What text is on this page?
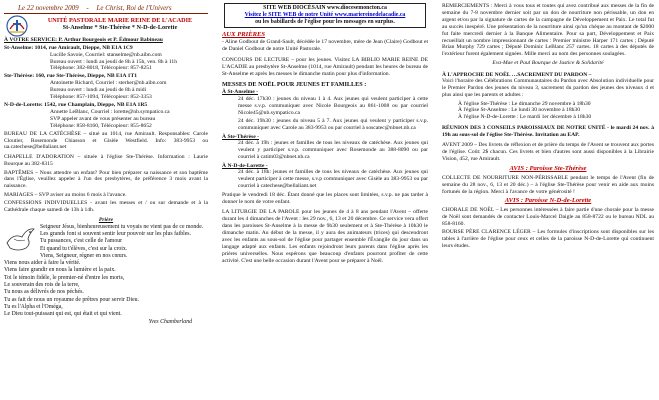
Le 22 novembre 2009 - Le Christ, Roi de l'Univers
UNITÉ PASTORALE MARIE REINE DE L'ACADIE
St-Anselme * Ste-Thérèse * N-D-de-Lorette
À VOTRE SERVICE: P. Arthur Bourgeois et P. Édmour Babineau
St-Anselme: 1014, rue Amirault, Dieppe, NB E1A 1C9
Lucille Savoie, Courriel: stanselme@nb.aibn.com
Bureau ouvert : lundi au jeudi de 8h à 15h, ven. 8h à 11h
Téléphone: 382-8018, Télécopieur: 857-8251
Ste-Thérèse: 160, rue Ste-Thérèse, Dieppe, NB E1A 1T1
Antoinette Richard, Courriel : sterher@nb.aibn.com
Bureau ouvert : lundi au jeudi de 8h à midi
Téléphone: 857-1094, Télécopieur: 852-3353
N-D-de-Lorette: 1542, rue Champlain, Dieppe, NB E1A 1R5
Annette LeBlanc, Courriel : lorette@nb.sympatico.ca
SVP appeler avant de vous présenter au bureau
Téléphone: 858-8160, Télécopieur: 855-8652
BUREAU DE LA CATÉCHÈSE – situé au 1014, rue Amirault. Responsables: Carole Cloutier, Rosemonde Chiasson et Gisèle Westfield. Info: 383-9953 ou ua.catechese@bellaliant.net
CHAPELLE D'ADORATION – située à l'église Ste-Thérèse. Information : Laurie Bourque au 382-8315
BAPTÊMES – Nous attendre un enfant? Pour bien préparer sa naissance et son baptême dans l'Église, veuillez appeler à l'un des presbytères, de préférence 3 mois avant la naissance.
MARIAGES – SVP aviser au moins 6 mois à l'avance.
CONFESSIONS INDIVIDUELLES - avant les messes et / ou sur demande et à la Cathédrale chaque samedi de 13h à 14h.
Prière
Seigneur Jésus, bienheureusement tu voyais ne vient pas de ce monde.
Les grands font si souvent sentir leur pouvoir sur les plus faibles.
Tu pussances, c'est celle de l'amour
Et quand tu t'élèves, c'est sur la croix.
Viens, Seigneur, régner en nos cœurs.
Viens nous aider à faire la vérité.
Viens faire grandir en nous la lumière et la paix.
Toi le témoin fidèle, le premier-né d'entre les morts,
Le souverain des rois de la terre,
Tu nous as délivrés de nos péchés.
Tu as fait de nous un royaume de prêtres pour servir Dieu.
Tu es l'Alpha et l'Oméga,
Le Dieu tout-puissant qui est, qui était et qui vient.
Yves Chamberland
SITE WEB DIOCÉSAIN www.diocesemoncton.ca
Visitez le SITE WEB de notre Unité www.mariereinedelacadie.ca
ou les babillards de l'église pour les messages en surplus.
AUX PRIÈRES
- Aline Godbout de Grand-Sault, décédée le 17 novembre, mère de Jean (Claire) Godbout et de Daniel Godbout de notre Unité Pastorale.
CONCOURS DE LECTURE – pour les jeunes. Visitez LA BIBLIO MARIE REINE DE L'ACADIE au presbytère St-Anselme (1014, rue Amirault) pendant les heures de bureau de St-Anselme et après les messes le dimanche matin pour plus d'information.
MESSES DE NOËL POUR JEUNES ET FAMILLES :
À St-Anselme -
24 déc. 17h30 : jeunes du niveau 1 à 4. Aux jeunes qui veulent participer à cette messe s.v.p. communiquer avec Nicole Bourgeois au 861-1008 ou par courriel Nicole45@nb.sympatico.ca
24 déc. 19h30 : jeunes du niveau 5 à 7. Aux jeunes qui veulent y participer s.v.p. communiquer avec Carole au 383-9953 ou par courriel à soscatec@nbnet.nb.ca
À Ste-Thérèse -
24 déc. à 19h : jeunes et familles de tous les niveaux de catéchèse. Aux jeunes qui veulent y participer s.v.p. communiquer avec Rosemonde au 388-8090 ou par courriel à catim03@nbnet.nb.ca
À N-D-de-Lorette -
24 déc. à 18h: jeunes et familles de tous les niveaux de catéchèse. Aux jeunes qui veulent participer à cette messe, s.v.p communiquer avec Gisèle au 383-9953 ou par courriel à catechese@bellaliant.net
Pratique le vendredi 18 déc. Étant donné que les places sont limitées, s.v.p. ne pas tarder à donner le nom de votre enfant.
LA LITURGIE DE LA PAROLE pour les jeunes de 4 à 8 ans pendant l'Avent – offerte durant les 4 dimanches de l'Avent : les 29 nov., 6, 13 et 20 décembre. Ce service vera offert dans les paroisses St-Anselme à la messe de 9h30 seulement et à Ste-Thérèse à 10h30 le dimanche matin. Au début de la messe, il y aura des animateurs (trices) qui descendront avec les enfants au sous-sol de l'église pour partager ensemble l'Évangile du jour dans un langage adapté aux enfants. Les enfants rejoindront leurs parents dans l'église après les prières universelles. Nous espérons que beaucoup d'enfants pourront profiter de cette activité. C'est une belle occasion durant l'Avent pour se préparer à Noël.
REMERCIEMENTS : Merci à vous tous et toutes qui avez contribué aux messes de la fin de semaine du 7-8 novembre dernier soit par un don de nourriture non périssable, un don en argent et/ou par la signature de cartes de la campagne de Développement et Paix. Le total fut au succès inespéré. Une présentation de la nourriture ainsi qu'un chèque au montant de $2000 fut faite mercredi dernier à la Banque Alimentaire. Pour sa part, Développement et Paix recueillait un nombre impressionnant de cartes : Premier ministre Harper 171 cartes ; Député Brian Murphy 729 cartes ; Député Dominic LeBlanc 257 cartes. 18 cartes à des députés de l'extérieur furent également signées. Mille merci au nom des personnes soulagées.
Eva-Mae et Paul Bourque de Justice & Solidarité
À L'APPROCHE DE NOËL …SACREMENT DU PARDON –
Voici l'horaire des Célébrations Communautaires du Pardon avec Absolution individuelle pour le Premier Pardon des jeunes du niveau 3, sacrement du pardon des jeunes des niveaux 4 et plus ainsi que les parents et adultes :
À l'église Ste-Thérèse : Le dimanche 29 novembre à 18h30
À l'église St-Anselme : Le lundi 30 novembre à 18h30
À l'église N-D-de-Lorette : Le mardi 1er décembre à 18h30
RÉUNION DES 3 CONSEILS PAROISSIAUX DE NOTRE UNITÉ - le mardi 24 nov. à 19h au sous-sol de l'église Ste-Thérèse. Invitation au EAP.
AVENT 2009 – Des livrets de réflexion et de prière du temps de l'Avent se trouvent aux portes de l'église. Coût: 2$ chacun. Ces livrets et bien d'autres sont aussi disponibles à la Librairie Vision, 452, rue Amirault.
AVIS : Paroisse Ste-Thérèse
COLLECTE DE NOURRITURE NON-PÉRISSABLE pendant le temps de l'Avent (fin de semaine du 28 nov., 6, 13 et 20 déc.) – à l'église Ste-Thérèse pour venir en aide aux moins fortunés de la région. Merci à l'avance de votre générosité !
AVIS : Paroisse N-D-de-Lorette
CHORALE DE NOËL – Les personnes intéressées à faire partie d'une chorale pour la messe de Noël sont demandés de contacter Louis-Marcel Daigle au 858-8722 ou le bureau NDL au 858-8160.
BOURSE PÈRE CLARENCE LÉGER – Les formules d'inscriptions sont disponibles sur les tables à l'arrière de l'église pour ceux et celles de la paroisse N-D-de-Lorette qui continuent leurs études.
